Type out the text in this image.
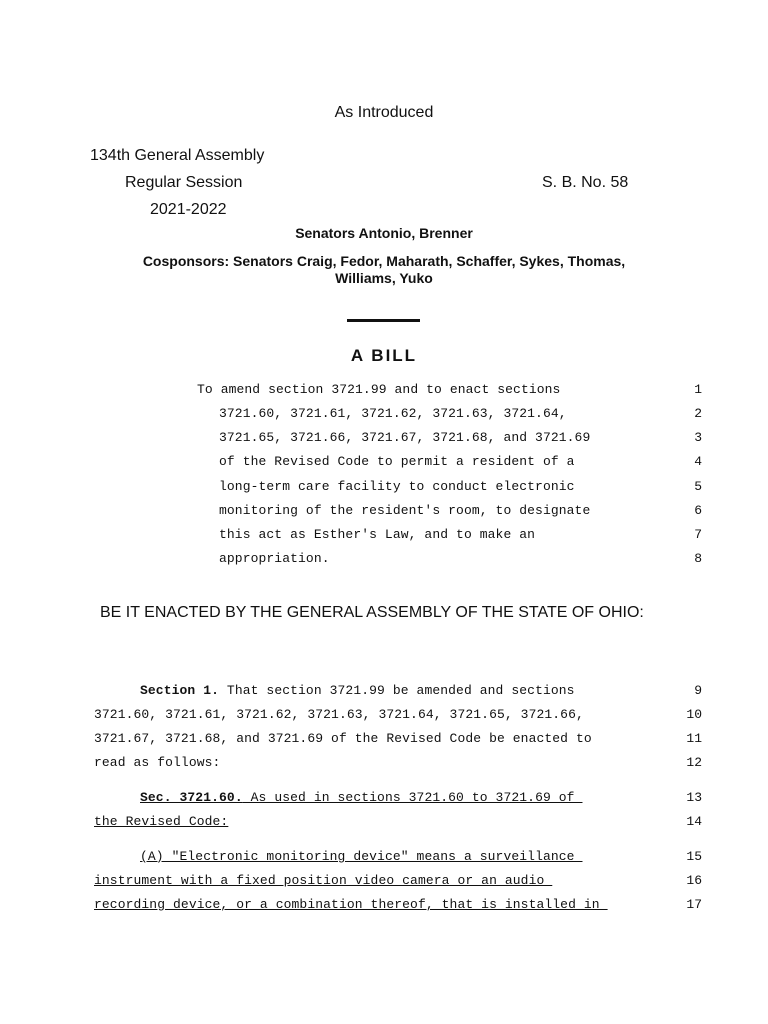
As Introduced
134th General Assembly
Regular Session	S. B. No. 58
2021-2022
Senators Antonio, Brenner
Cosponsors: Senators Craig, Fedor, Maharath, Schaffer, Sykes, Thomas,
Williams, Yuko
A BILL
To amend section 3721.99 and to enact sections	1
3721.60, 3721.61, 3721.62, 3721.63, 3721.64,	2
3721.65, 3721.66, 3721.67, 3721.68, and 3721.69	3
of the Revised Code to permit a resident of a	4
long-term care facility to conduct electronic	5
monitoring of the resident's room, to designate	6
this act as Esther's Law, and to make an	7
appropriation.	8
BE IT ENACTED BY THE GENERAL ASSEMBLY OF THE STATE OF OHIO:
Section 1. That section 3721.99 be amended and sections	9
3721.60, 3721.61, 3721.62, 3721.63, 3721.64, 3721.65, 3721.66,	10
3721.67, 3721.68, and 3721.69 of the Revised Code be enacted to	11
read as follows:	12
Sec. 3721.60. As used in sections 3721.60 to 3721.69 of	13
the Revised Code:	14
(A) "Electronic monitoring device" means a surveillance	15
instrument with a fixed position video camera or an audio	16
recording device, or a combination thereof, that is installed in	17
